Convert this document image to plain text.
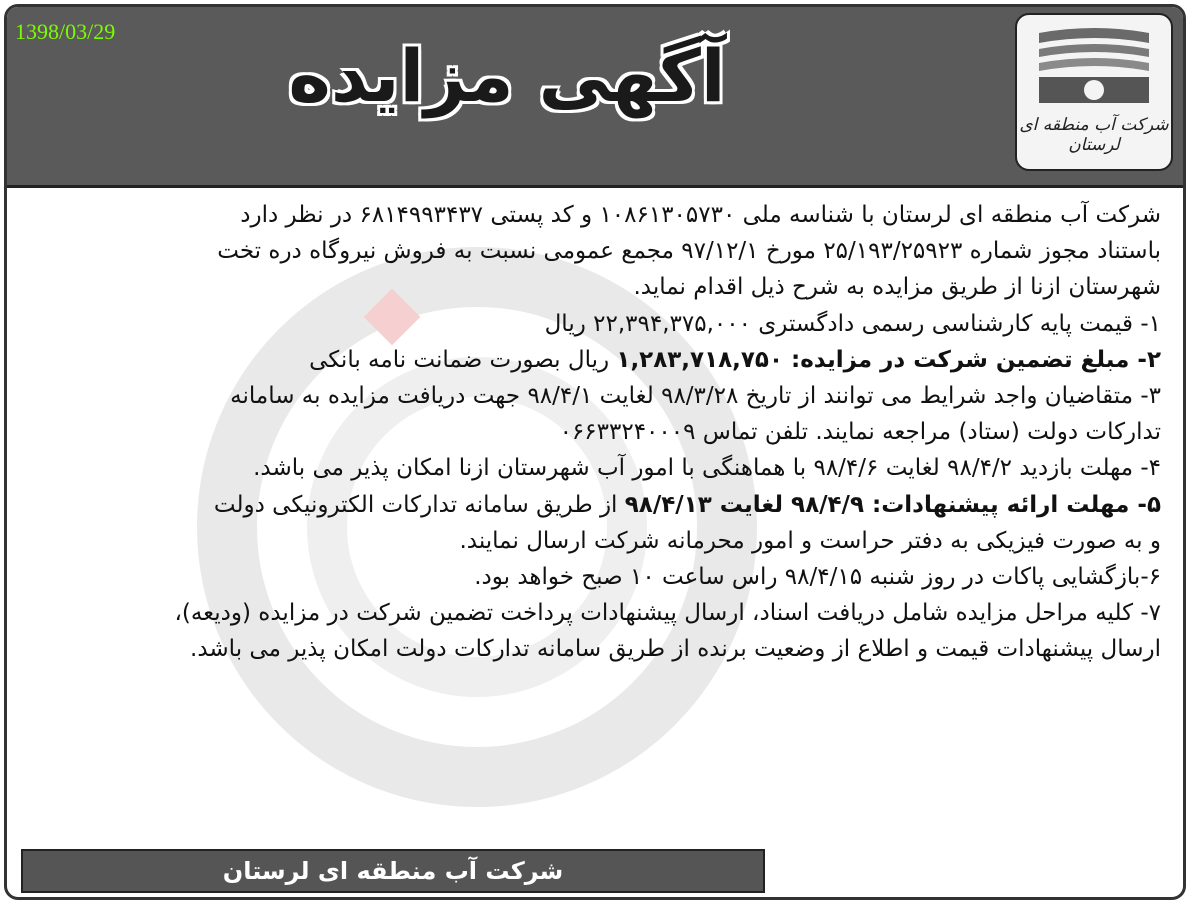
1398/03/29
آگهی مزایده
شرکت آب منطقه ای لرستان
شرکت آب منطقه ای لرستان با شناسه ملی ۱۰۸۶۱۳۰۵۷۳۰ و کد پستی ۶۸۱۴۹۹۳۴۳۷ در نظر دارد
باستناد مجوز شماره ۲۵/۱۹۳/۲۵۹۲۳ مورخ ۹۷/۱۲/۱ مجمع عمومی نسبت به فروش نیروگاه دره تخت
شهرستان ازنا از طریق مزایده به شرح ذیل اقدام نماید.
۱- قیمت پایه کارشناسی رسمی دادگستری ۲۲,۳۹۴,۳۷۵,۰۰۰ ریال
۲- مبلغ تضمین شرکت در مزایده: ۱,۲۸۳,۷۱۸,۷۵۰ ریال بصورت ضمانت نامه بانکی
۳- متقاضیان واجد شرایط می توانند از تاریخ ۹۸/۳/۲۸ لغایت ۹۸/۴/۱ جهت دریافت مزایده به سامانه
تدارکات دولت (ستاد) مراجعه نمایند. تلفن تماس ۰۶۶۳۳۲۴۰۰۰۹
۴- مهلت بازدید ۹۸/۴/۲ لغایت ۹۸/۴/۶ با هماهنگی با امور آب شهرستان ازنا امکان پذیر می باشد.
۵- مهلت ارائه پیشنهادات: ۹۸/۴/۹ لغایت ۹۸/۴/۱۳ از طریق سامانه تدارکات الکترونیکی دولت
و به صورت فیزیکی به دفتر حراست و امور محرمانه شرکت ارسال نمایند.
۶-بازگشایی پاکات در روز شنبه ۹۸/۴/۱۵ راس ساعت ۱۰ صبح خواهد بود.
۷- کلیه مراحل مزایده شامل دریافت اسناد، ارسال پیشنهادات پرداخت تضمین شرکت در مزایده (ودیعه)،
ارسال پیشنهادات قیمت و اطلاع از وضعیت برنده از طریق سامانه تدارکات دولت امکان پذیر می باشد.
شرکت آب منطقه ای لرستان
